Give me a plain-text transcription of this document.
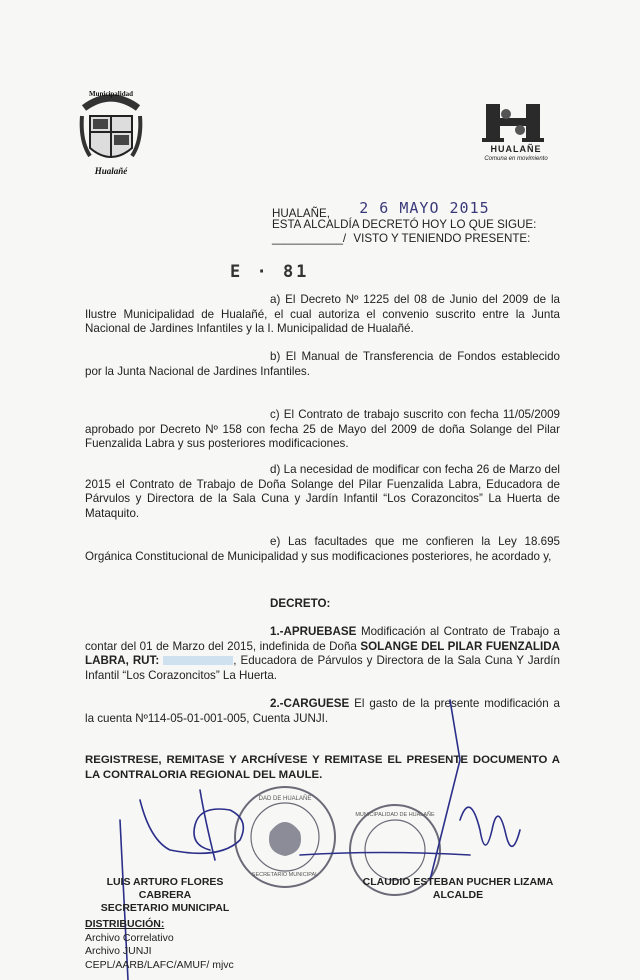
Municipalidad
Hualañé
HUALAÑE
Comuna en movimiento
HUALAÑE, 2 6 MAYO 2015
ESTA ALCALDÍA DECRETÓ HOY LO QUE SIGUE:
___________/ VISTO Y TENIENDO PRESENTE:
E · 81
a) El Decreto Nº 1225 del 08 de Junio del 2009 de la Ilustre Municipalidad de Hualañé, el cual autoriza el convenio suscrito entre la Junta Nacional de Jardines Infantiles y la I. Municipalidad de Hualañé.
b) El Manual de Transferencia de Fondos establecido por la Junta Nacional de Jardines Infantiles.
c) El Contrato de trabajo suscrito con fecha 11/05/2009 aprobado por Decreto Nº 158 con fecha 25 de Mayo del 2009 de doña Solange del Pilar Fuenzalida Labra y sus posteriores modificaciones.
d) La necesidad de modificar con fecha 26 de Marzo del 2015 el Contrato de Trabajo de Doña Solange del Pilar Fuenzalida Labra, Educadora de Párvulos y Directora de la Sala Cuna y Jardín Infantil “Los Corazoncitos” La Huerta de Mataquito.
e) Las facultades que me confieren la Ley 18.695 Orgánica Constitucional de Municipalidad y sus modificaciones posteriores, he acordado y,
DECRETO:
1.-APRUEBASE Modificación al Contrato de Trabajo a contar del 01 de Marzo del 2015, indefinida de Doña SOLANGE DEL PILAR FUENZALIDA LABRA, RUT:	, Educadora de Párvulos y Directora de la Sala Cuna Y Jardín Infantil “Los Corazoncitos” La Huerta.
2.-CARGUESE El gasto de la presente modificación a la cuenta Nº114-05-01-001-005, Cuenta JUNJI.
REGISTRESE, REMITASE Y ARCHÍVESE Y REMITASE EL PRESENTE DOCUMENTO A LA CONTRALORIA REGIONAL DEL MAULE.
DAD DE HUALAÑE
SECRETARIO MUNICIPAL
MUNICIPALIDAD DE HUALAÑE
LUIS ARTURO FLORES CABRERA
SECRETARIO MUNICIPAL
CLAUDIO ESTEBAN PUCHER LIZAMA
ALCALDE
DISTRIBUCIÓN:
Archivo Correlativo
Archivo JUNJI
CEPL/AARB/LAFC/AMUF/ mjvc
